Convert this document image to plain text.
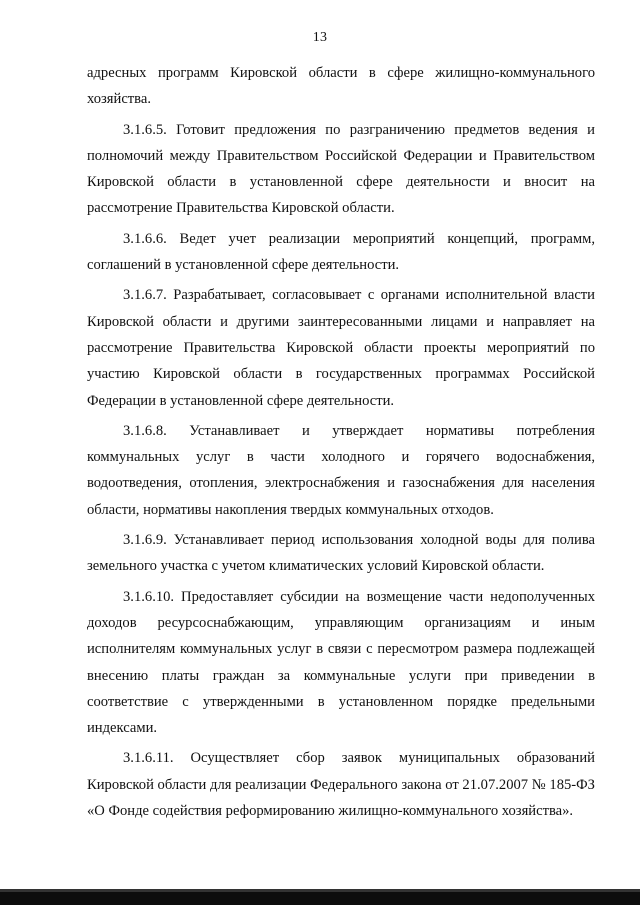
13

адресных программ Кировской области в сфере жилищно-коммунального хозяйства.

3.1.6.5. Готовит предложения по разграничению предметов ведения и полномочий между Правительством Российской Федерации и Правительством Кировской области в установленной сфере деятельности и вносит на рассмотрение Правительства Кировской области.

3.1.6.6. Ведет учет реализации мероприятий концепций, программ, соглашений в установленной сфере деятельности.

3.1.6.7. Разрабатывает, согласовывает с органами исполнительной власти Кировской области и другими заинтересованными лицами и направляет на рассмотрение Правительства Кировской области проекты мероприятий по участию Кировской области в государственных программах Российской Федерации в установленной сфере деятельности.

3.1.6.8. Устанавливает и утверждает нормативы потребления коммунальных услуг в части холодного и горячего водоснабжения, водоотведения, отопления, электроснабжения и газоснабжения для населения области, нормативы накопления твердых коммунальных отходов.

3.1.6.9. Устанавливает период использования холодной воды для полива земельного участка с учетом климатических условий Кировской области.

3.1.6.10. Предоставляет субсидии на возмещение части недополученных доходов ресурсоснабжающим, управляющим организациям и иным исполнителям коммунальных услуг в связи с пересмотром размера подлежащей внесению платы граждан за коммунальные услуги при приведении в соответствие с утвержденными в установленном порядке предельными индексами.

3.1.6.11. Осуществляет сбор заявок муниципальных образований Кировской области для реализации Федерального закона от 21.07.2007 № 185-ФЗ «О Фонде содействия реформированию жилищно-коммунального хозяйства».
